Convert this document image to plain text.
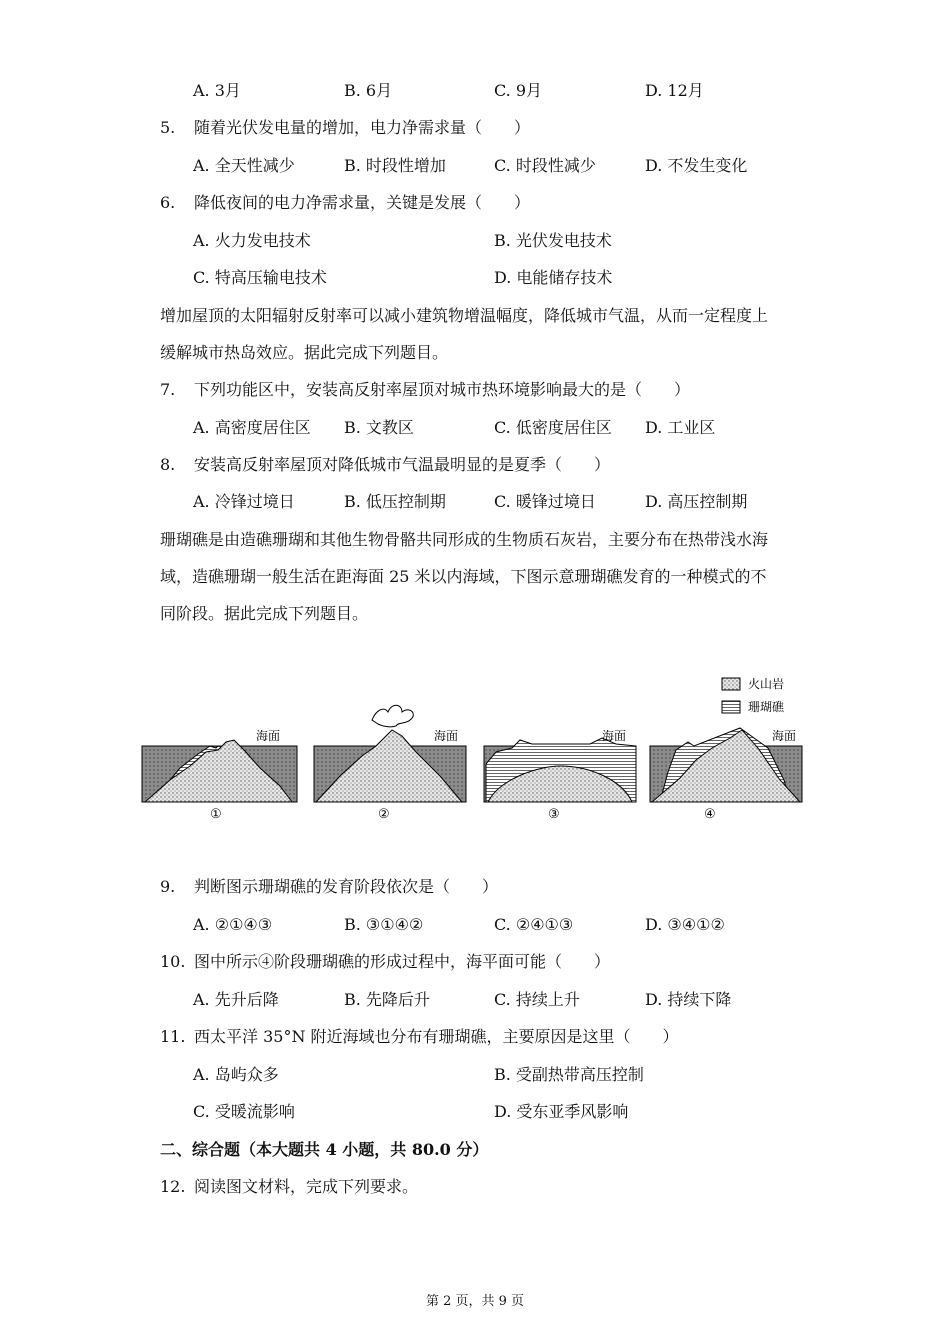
A. 3月	B. 6月	C. 9月	D. 12月
5. 随着光伏发电量的增加，电力净需求量（　　）
A. 全天性减少	B. 时段性增加	C. 时段性减少	D. 不发生变化
6. 降低夜间的电力净需求量，关键是发展（　　）
A. 火力发电技术	B. 光伏发电技术
C. 特高压输电技术	D. 电能储存技术
增加屋顶的太阳辐射反射率可以减小建筑物增温幅度，降低城市气温，从而一定程度上
缓解城市热岛效应。据此完成下列题目。
7. 下列功能区中，安装高反射率屋顶对城市热环境影响最大的是（　　）
A. 高密度居住区 B. 文教区	C. 低密度居住区 D. 工业区
8. 安装高反射率屋顶对降低城市气温最明显的是夏季（　　）
A. 冷锋过境日	B. 低压控制期	C. 暖锋过境日	D. 高压控制期
珊瑚礁是由造礁珊瑚和其他生物骨骼共同形成的生物质石灰岩，主要分布在热带浅水海
域，造礁珊瑚一般生活在距海面 25 米以内海域，下图示意珊瑚礁发育的一种模式的不
同阶段。据此完成下列题目。
火山岩
珊瑚礁
海面
①
海面
②
海面
③
海面
④
9. 判断图示珊瑚礁的发育阶段依次是（　　）
A. ②①④③	B. ③①④②	C. ②④①③	D. ③④①②
10. 图中所示④阶段珊瑚礁的形成过程中，海平面可能（　　）
A. 先升后降	B. 先降后升	C. 持续上升	D. 持续下降
11. 西太平洋 35°N 附近海域也分布有珊瑚礁，主要原因是这里（　　）
A. 岛屿众多	B. 受副热带高压控制
C. 受暖流影响	D. 受东亚季风影响
二、综合题（本大题共 4 小题，共 80.0 分）
12. 阅读图文材料，完成下列要求。
第 2 页，共 9 页
